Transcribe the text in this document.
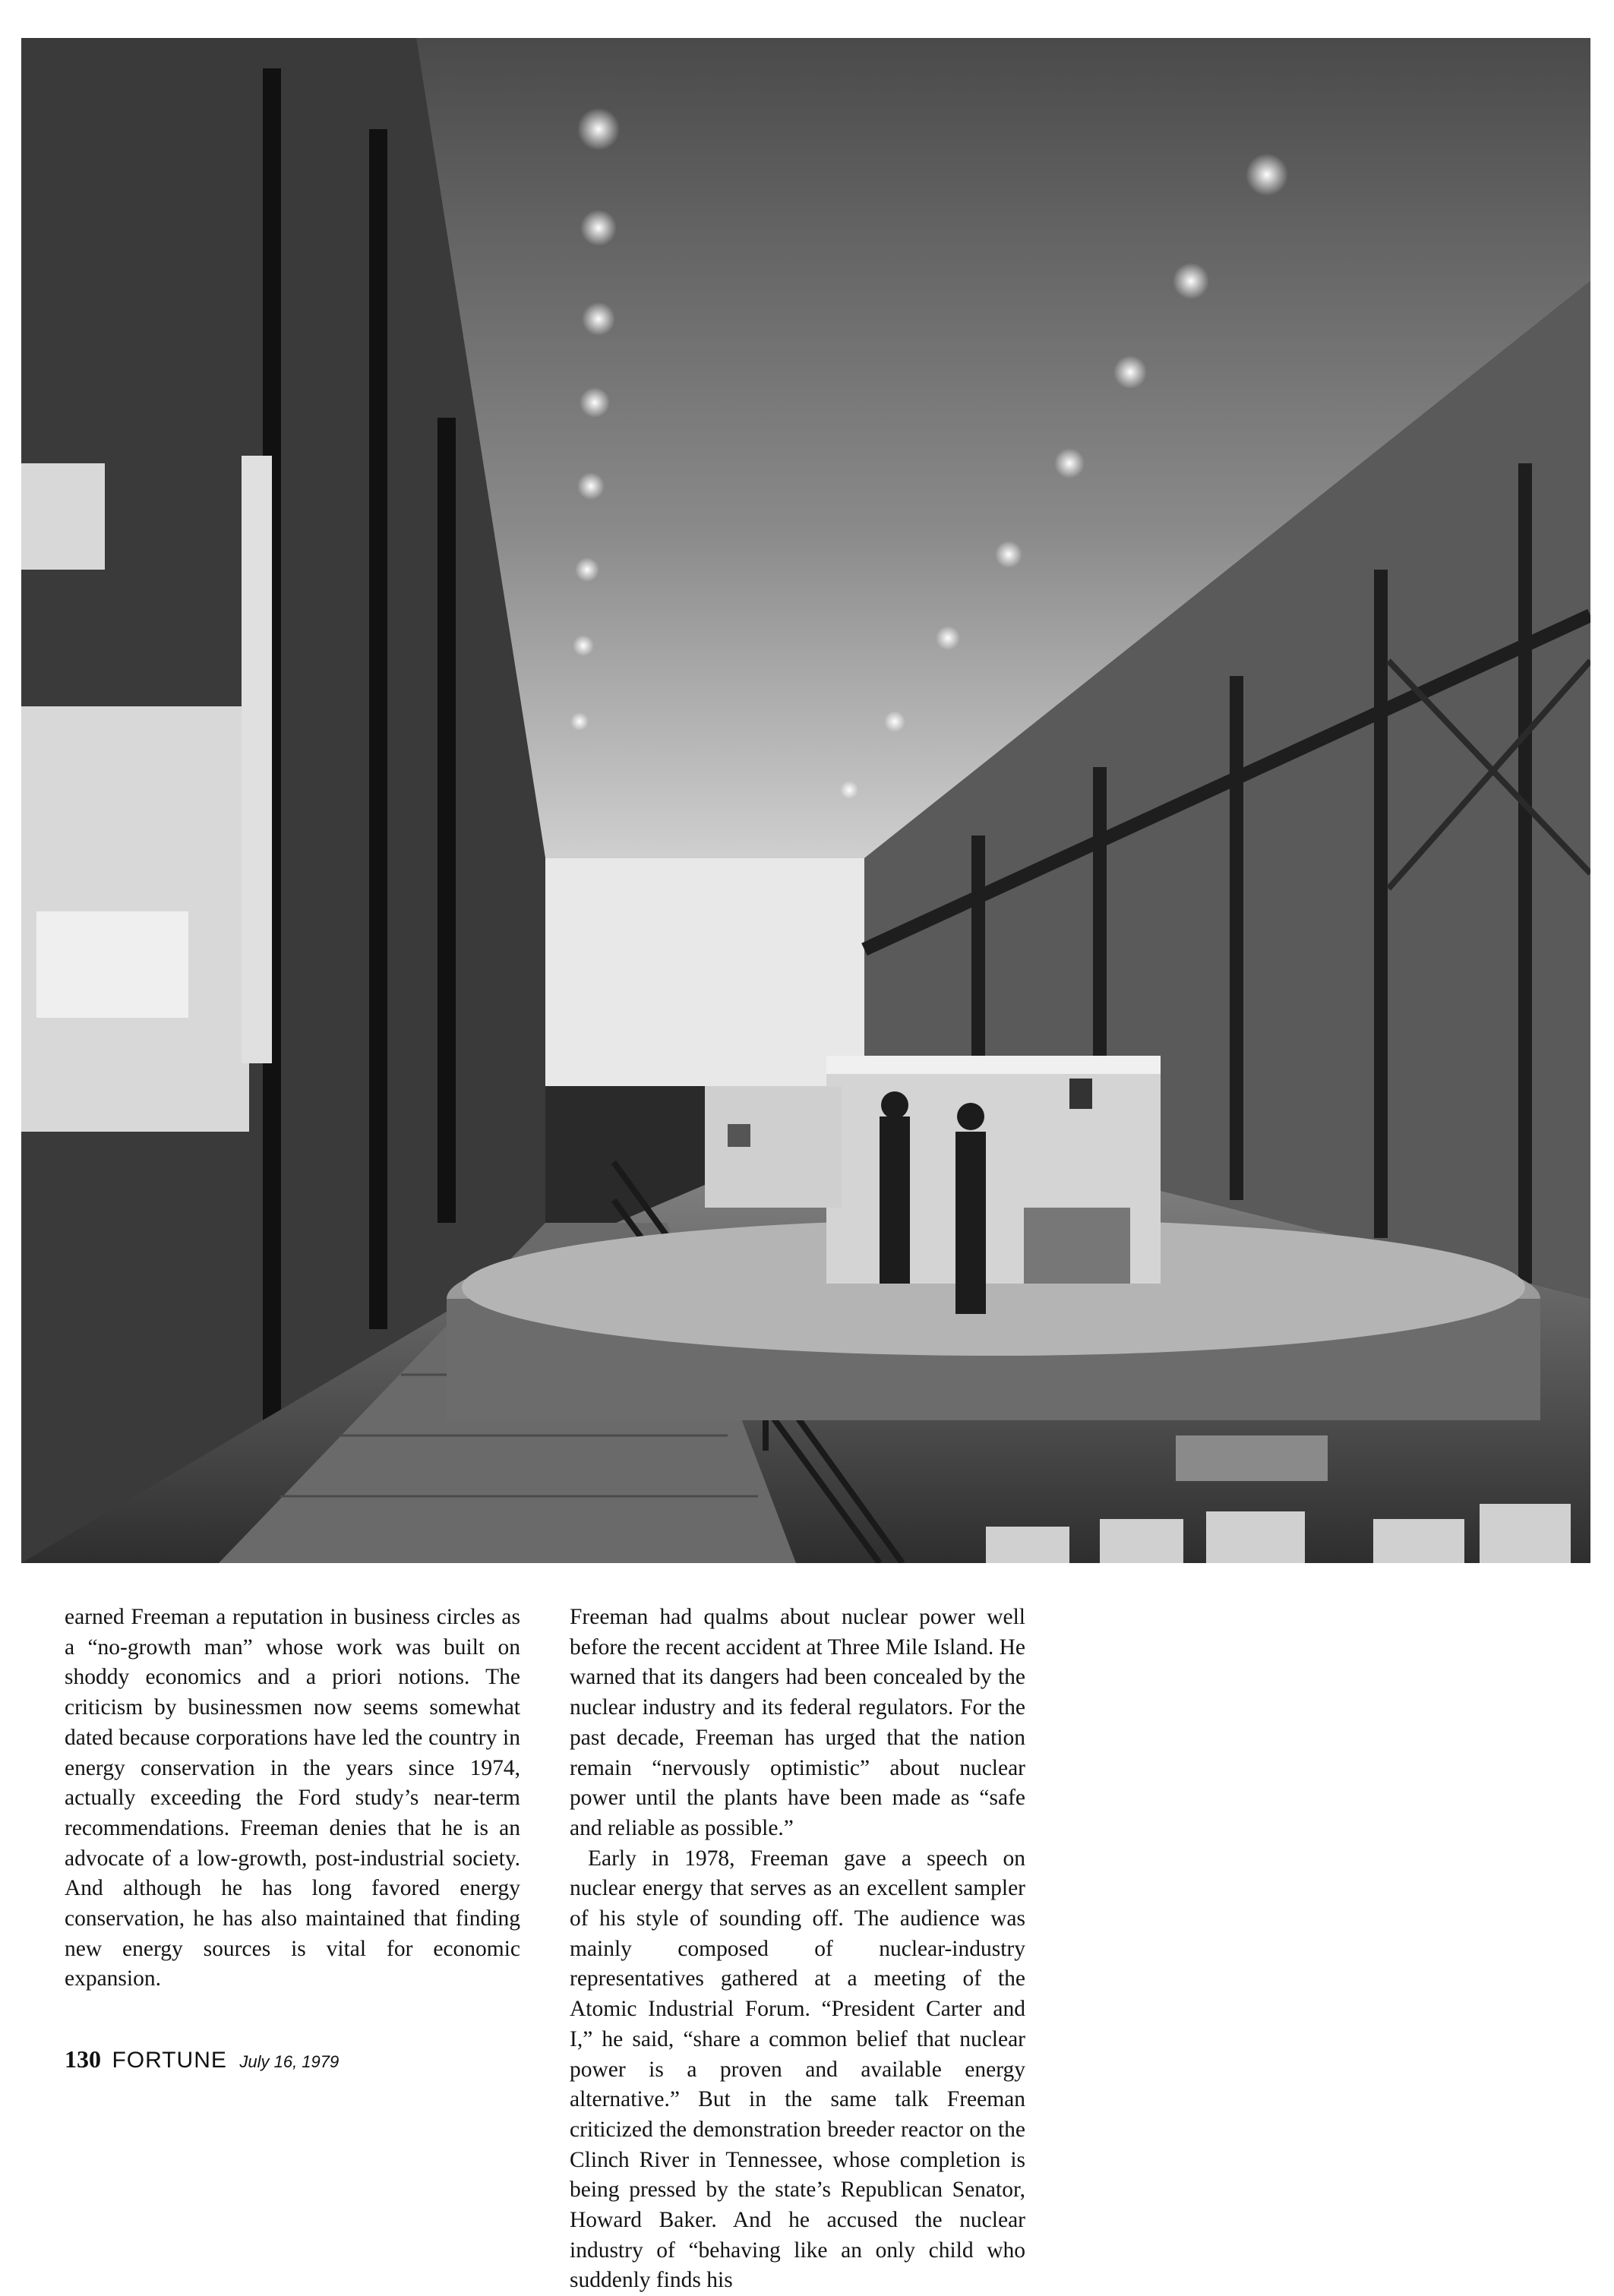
earned Freeman a reputation in business circles as a “no-growth man” whose work was built on shoddy economics and a priori notions. The criticism by businessmen now seems somewhat dated because corporations have led the country in energy conservation in the years since 1974, actually exceeding the Ford study’s near-term recommendations. Freeman denies that he is an advocate of a low-growth, post-industrial society. And although he has long favored energy conservation, he has also maintained that finding new energy sources is vital for economic expansion.

Freeman had qualms about nuclear power well before the recent accident at Three Mile Island. He warned that its dangers had been concealed by the nuclear industry and its federal regulators. For the past decade, Freeman has urged that the nation remain “nervously optimistic” about nuclear power until the plants have been made as “safe and reliable as possible.”

Early in 1978, Freeman gave a speech on nuclear energy that serves as an excellent sampler of his style of sounding off. The audience was mainly composed of nuclear-industry representatives gathered at a meeting of the Atomic Industrial Forum. “President Carter and I,” he said, “share a common belief that nuclear power is a proven and available energy alternative.” But in the same talk Freeman criticized the demonstration breeder reactor on the Clinch River in Tennessee, whose completion is being pressed by the state’s Republican Senator, Howard Baker. And he accused the nuclear industry of “behaving like an only child who suddenly finds his

130 FORTUNE July 16, 1979
